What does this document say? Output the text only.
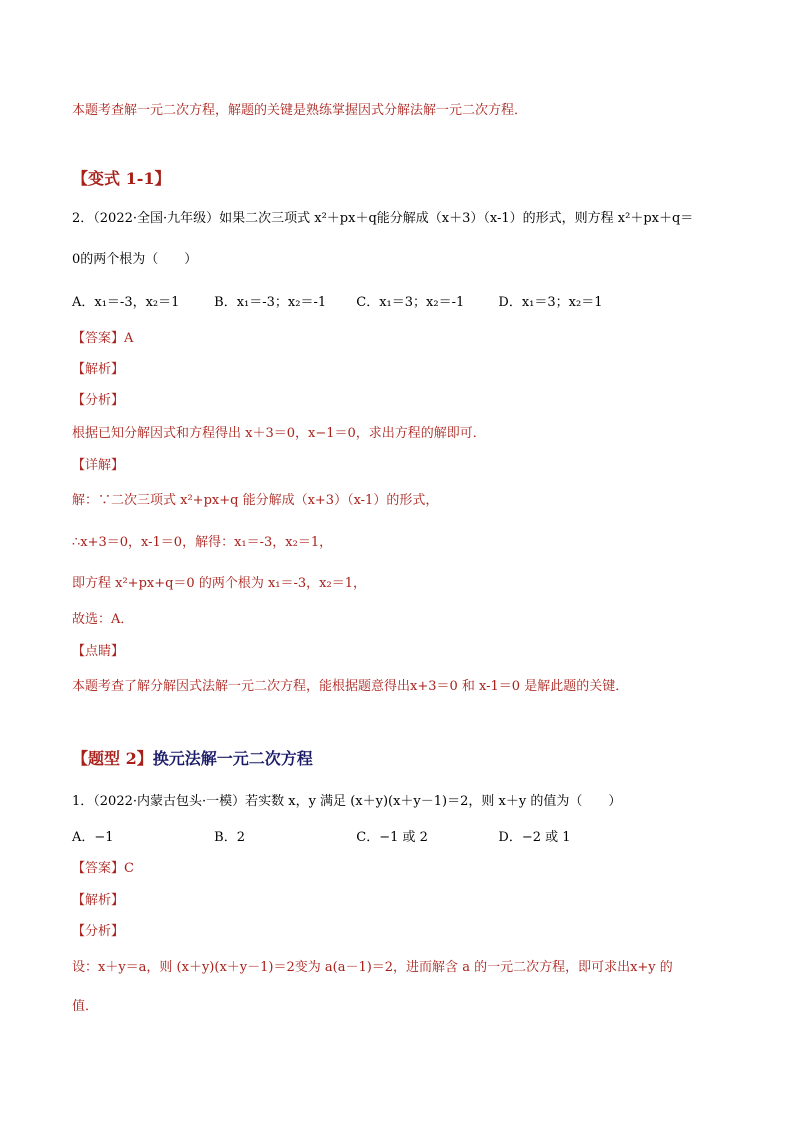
本题考查解一元二次方程，解题的关键是熟练掌握因式分解法解一元二次方程．
【变式 1-1】
2．（2022·全国·九年级）如果二次三项式 x²＋px＋q能分解成（x＋3）（x-1）的形式，则方程 x²＋px＋q＝
0的两个根为（　　）
A．x₁＝-3，x₂＝1	B．x₁＝-3；x₂＝-1 C．x₁＝3；x₂＝-1	D．x₁＝3；x₂＝1
【答案】A
【解析】
【分析】
根据已知分解因式和方程得出 x＋3＝0，x−1＝0，求出方程的解即可．
【详解】
解：∵二次三项式 x²+px+q 能分解成（x+3）（x-1）的形式，
∴x+3＝0，x-1＝0，解得：x₁＝-3，x₂＝1，
即方程 x²+px+q＝0 的两个根为 x₁＝-3，x₂＝1，
故选：A．
【点睛】
本题考查了解分解因式法解一元二次方程，能根据题意得出x+3＝0 和 x-1＝0 是解此题的关键．
【题型 2】换元法解一元二次方程
1．（2022·内蒙古包头·一模）若实数 x，y 满足 (x＋y)(x＋y－1)＝2，则 x＋y 的值为（　　）
A．−1	B．2	C．−1 或 2	D．−2 或 1
【答案】C
【解析】
【分析】
设：x＋y＝a，则 (x＋y)(x＋y－1)＝2变为 a(a－1)＝2，进而解含 a 的一元二次方程，即可求出x+y 的
值．
